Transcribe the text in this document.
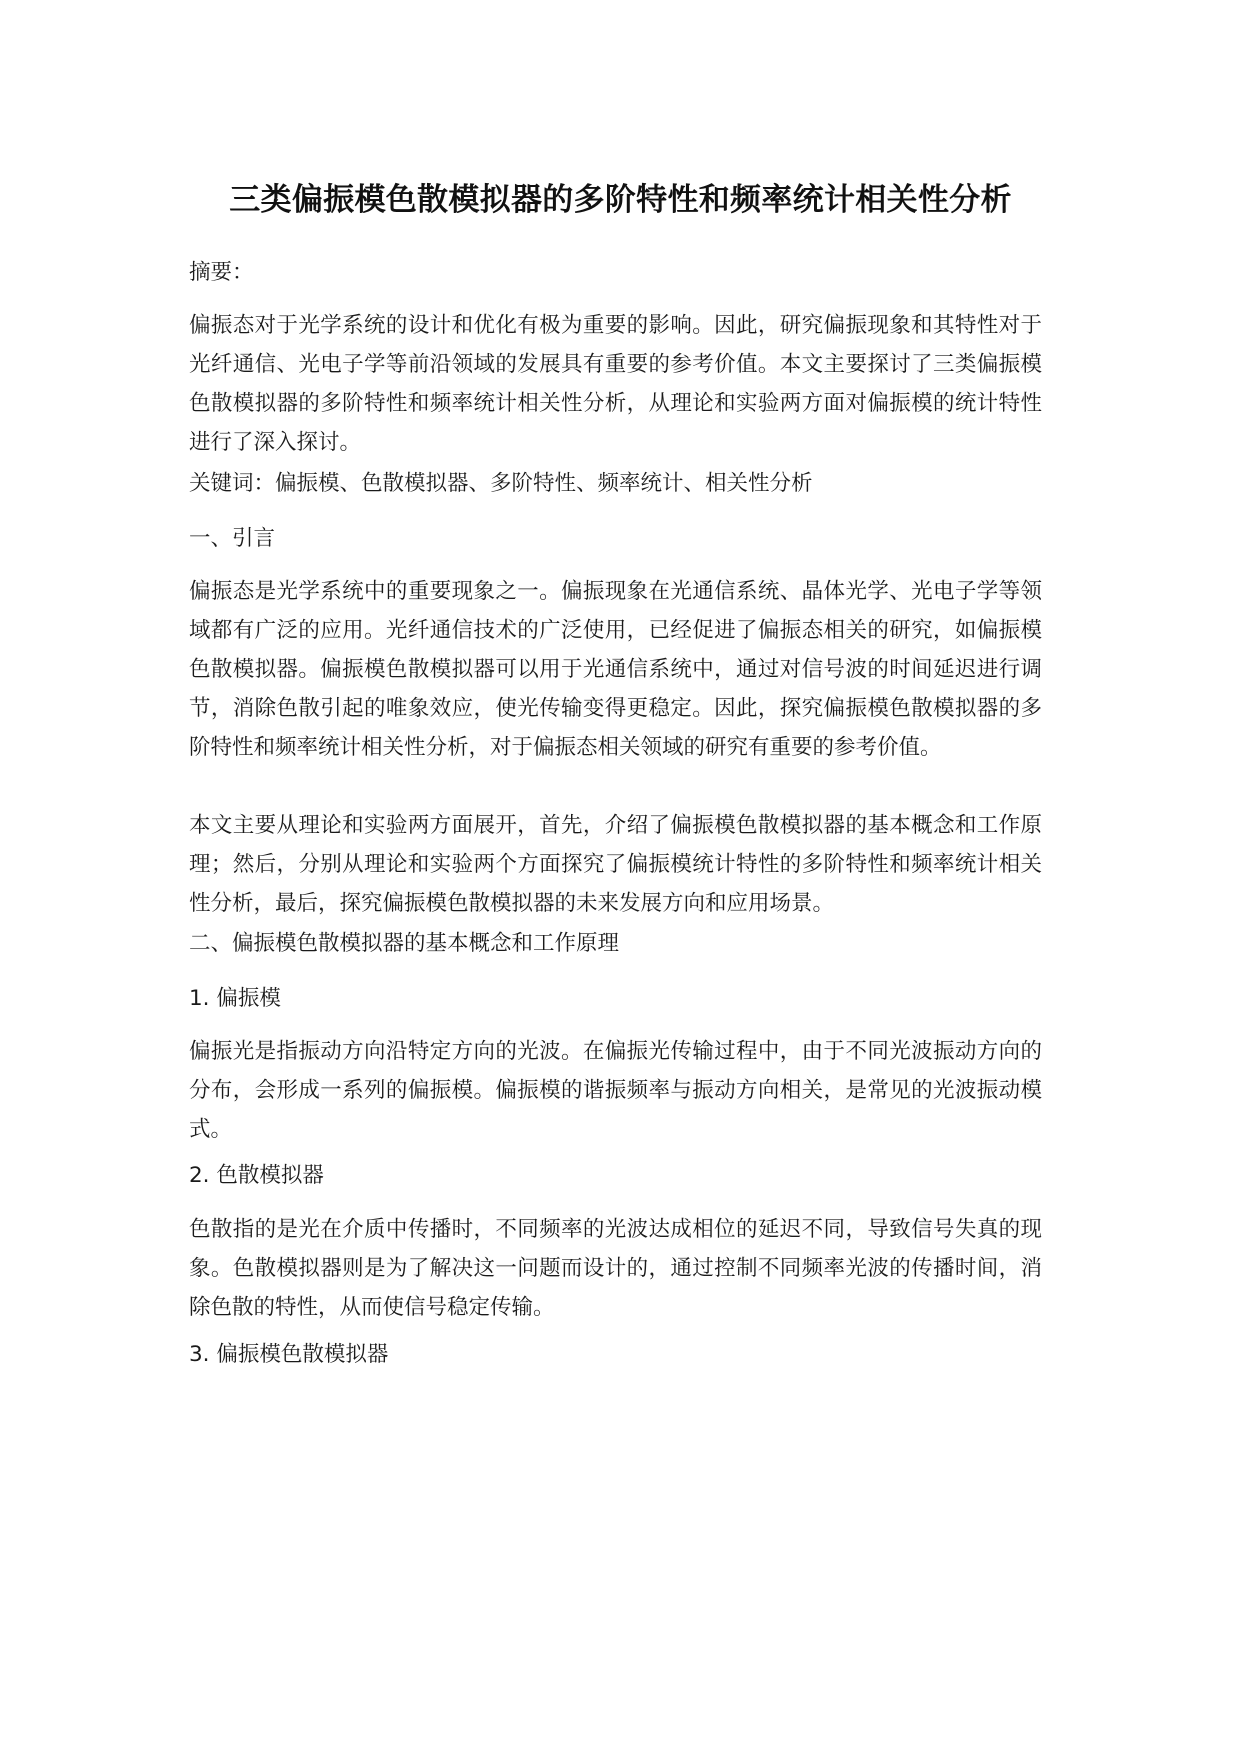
三类偏振模色散模拟器的多阶特性和频率统计相关性分析

摘要：

偏振态对于光学系统的设计和优化有极为重要的影响。因此，研究偏振现象和其特性对于光纤通信、光电子学等前沿领域的发展具有重要的参考价值。本文主要探讨了三类偏振模色散模拟器的多阶特性和频率统计相关性分析，从理论和实验两方面对偏振模的统计特性进行了深入探讨。

关键词：偏振模、色散模拟器、多阶特性、频率统计、相关性分析

一、引言

偏振态是光学系统中的重要现象之一。偏振现象在光通信系统、晶体光学、光电子学等领域都有广泛的应用。光纤通信技术的广泛使用，已经促进了偏振态相关的研究，如偏振模色散模拟器。偏振模色散模拟器可以用于光通信系统中，通过对信号波的时间延迟进行调节，消除色散引起的唯象效应，使光传输变得更稳定。因此，探究偏振模色散模拟器的多阶特性和频率统计相关性分析，对于偏振态相关领域的研究有重要的参考价值。

本文主要从理论和实验两方面展开，首先，介绍了偏振模色散模拟器的基本概念和工作原理；然后，分别从理论和实验两个方面探究了偏振模统计特性的多阶特性和频率统计相关性分析，最后，探究偏振模色散模拟器的未来发展方向和应用场景。

二、偏振模色散模拟器的基本概念和工作原理

1. 偏振模

偏振光是指振动方向沿特定方向的光波。在偏振光传输过程中，由于不同光波振动方向的分布，会形成一系列的偏振模。偏振模的谐振频率与振动方向相关，是常见的光波振动模式。

2. 色散模拟器

色散指的是光在介质中传播时，不同频率的光波达成相位的延迟不同，导致信号失真的现象。色散模拟器则是为了解决这一问题而设计的，通过控制不同频率光波的传播时间，消除色散的特性，从而使信号稳定传输。

3. 偏振模色散模拟器
